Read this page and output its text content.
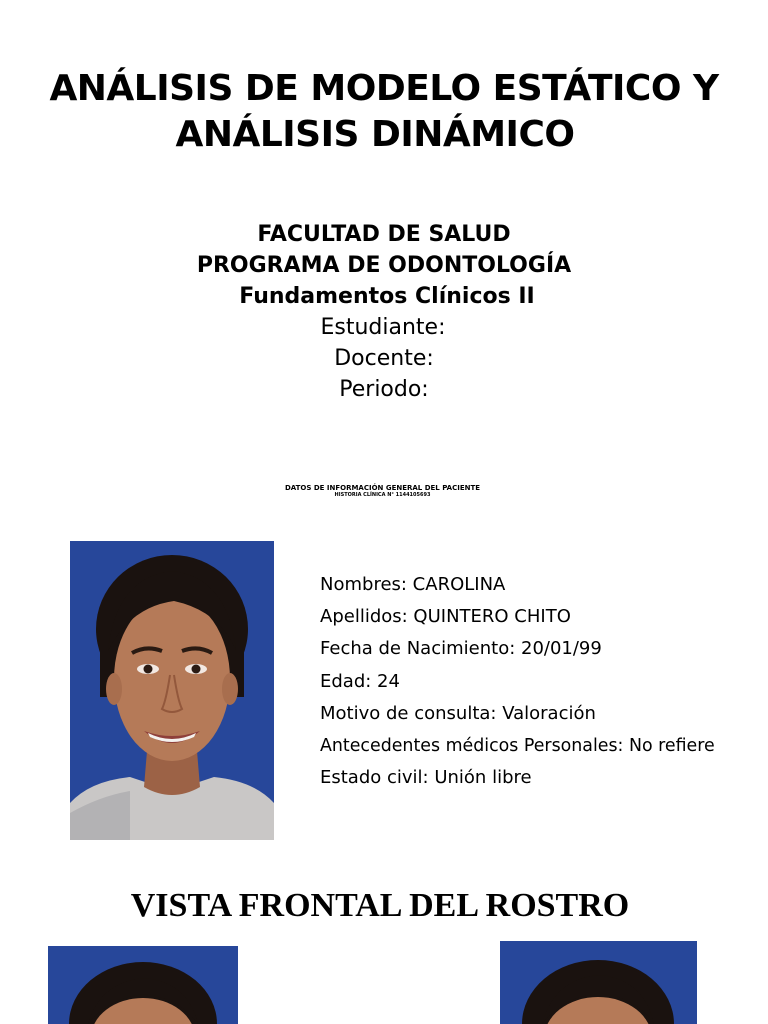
ANÁLISIS DE MODELO ESTÁTICO Y
ANÁLISIS DINÁMICO
FACULTAD DE SALUD
PROGRAMA DE ODONTOLOGÍA
Fundamentos Clínicos II
Estudiante:
Docente:
Periodo:
DATOS DE INFORMACIÓN GENERAL DEL PACIENTE
HISTORIA CLÍNICA N° 1144105693
Nombres: CAROLINA
Apellidos: QUINTERO CHITO
Fecha de Nacimiento: 20/01/99
Edad: 24
Motivo de consulta: Valoración
Antecedentes médicos Personales: No refiere
Estado civil: Unión libre
VISTA FRONTAL DEL ROSTRO
